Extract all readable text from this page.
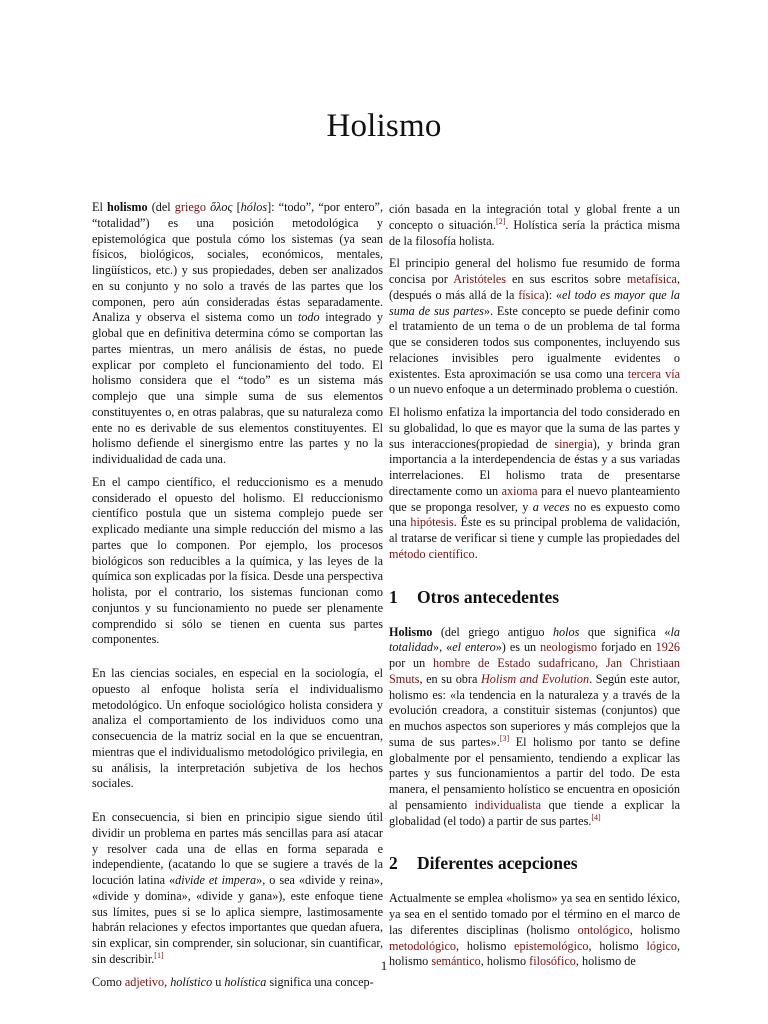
Holismo

El holismo (del griego ὅλος [hólos]: “todo”, “por entero”, “totalidad”) es una posición metodológica y epistemológica que postula cómo los sistemas (ya sean físicos, biológicos, sociales, económicos, mentales, lingüísticos, etc.) y sus propiedades, deben ser analizados en su conjunto y no solo a través de las partes que los componen, pero aún consideradas éstas separadamente. Analiza y observa el sistema como un todo integrado y global que en definitiva determina cómo se comportan las partes mientras, un mero análisis de éstas, no puede explicar por completo el funcionamiento del todo. El holismo considera que el “todo” es un sistema más complejo que una simple suma de sus elementos constituyentes o, en otras palabras, que su naturaleza como ente no es derivable de sus elementos constituyentes. El holismo defiende el sinergismo entre las partes y no la individualidad de cada una.

En el campo científico, el reduccionismo es a menudo considerado el opuesto del holismo. El reduccionismo científico postula que un sistema complejo puede ser explicado mediante una simple reducción del mismo a las partes que lo componen. Por ejemplo, los procesos biológicos son reducibles a la química, y las leyes de la química son explicadas por la física. Desde una perspectiva holista, por el contrario, los sistemas funcionan como conjuntos y su funcionamiento no puede ser plenamente comprendido si sólo se tienen en cuenta sus partes componentes.

En las ciencias sociales, en especial en la sociología, el opuesto al enfoque holista sería el individualismo metodológico. Un enfoque sociológico holista considera y analiza el comportamiento de los individuos como una consecuencia de la matriz social en la que se encuentran, mientras que el individualismo metodológico privilegia, en su análisis, la interpretación subjetiva de los hechos sociales.

En consecuencia, si bien en principio sigue siendo útil dividir un problema en partes más sencillas para así atacar y resolver cada una de ellas en forma separada e independiente, (acatando lo que se sugiere a través de la locución latina «divide et impera», o sea «divide y reina», «divide y domina», «divide y gana»), este enfoque tiene sus límites, pues si se lo aplica siempre, lastimosamente habrán relaciones y efectos importantes que quedan afuera, sin explicar, sin comprender, sin solucionar, sin cuantificar, sin describir.[1]

Como adjetivo, holístico u holística significa una concep-

ción basada en la integración total y global frente a un concepto o situación.[2]. Holística sería la práctica misma de la filosofía holista.

El principio general del holismo fue resumido de forma concisa por Aristóteles en sus escritos sobre metafísica, (después o más allá de la física): «el todo es mayor que la suma de sus partes». Este concepto se puede definir como el tratamiento de un tema o de un problema de tal forma que se consideren todos sus componentes, incluyendo sus relaciones invisibles pero igualmente evidentes o existentes. Esta aproximación se usa como una tercera vía o un nuevo enfoque a un determinado problema o cuestión.

El holismo enfatiza la importancia del todo considerado en su globalidad, lo que es mayor que la suma de las partes y sus interacciones(propiedad de sinergia), y brinda gran importancia a la interdependencia de éstas y a sus variadas interrelaciones. El holismo trata de presentarse directamente como un axioma para el nuevo planteamiento que se proponga resolver, y a veces no es expuesto como una hipótesis. Éste es su principal problema de validación, al tratarse de verificar si tiene y cumple las propiedades del método científico.

1 Otros antecedentes

Holismo (del griego antiguo holos que significa «la totalidad», «el entero») es un neologismo forjado en 1926 por un hombre de Estado sudafricano, Jan Christiaan Smuts, en su obra Holism and Evolution. Según este autor, holismo es: «la tendencia en la naturaleza y a través de la evolución creadora, a constituir sistemas (conjuntos) que en muchos aspectos son superiores y más complejos que la suma de sus partes».[3] El holismo por tanto se define globalmente por el pensamiento, tendiendo a explicar las partes y sus funcionamientos a partir del todo. De esta manera, el pensamiento holístico se encuentra en oposición al pensamiento individualista que tiende a explicar la globalidad (el todo) a partir de sus partes.[4]

2 Diferentes acepciones

Actualmente se emplea «holismo» ya sea en sentido léxico, ya sea en el sentido tomado por el término en el marco de las diferentes disciplinas (holismo ontológico, holismo metodológico, holismo epistemológico, holismo lógico, holismo semántico, holismo filosófico, holismo de

1
